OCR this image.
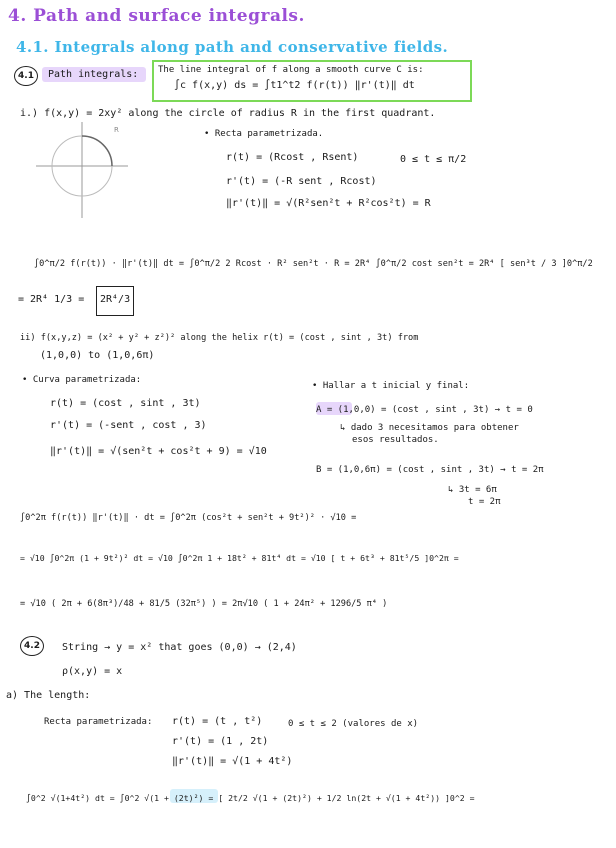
4. Path and surface integrals.
4.1. Integrals along path and conservative fields.
4.1	Path integrals: The line integral of f along a smooth curve C is:
∫c f(x,y) ds = ∫t1^t2 f(r(t)) ‖r'(t)‖ dt
i.) f(x,y) = 2xy² along the circle of radius R in the first quadrant.
R	• Recta parametrizada.
r(t) = (Rcost , Rsent)	0 ≤ t ≤ π/2
r'(t) = (-R sent , Rcost)
‖r'(t)‖ = √(R²sen²t + R²cos²t) = R
∫0^π/2 f(r(t)) · ‖r'(t)‖ dt = ∫0^π/2 2 Rcost · R² sen²t · R = 2R⁴ ∫0^π/2 cost sen²t = 2R⁴ [ sen³t / 3 ]0^π/2
= 2R⁴ 1/3 = 2R⁴/3
ii) f(x,y,z) = (x² + y² + z²)² along the helix r(t) = (cost , sint , 3t) from
(1,0,0) to (1,0,6π)
• Curva parametrizada:
r(t) = (cost , sint , 3t)
r'(t) = (-sent , cost , 3)
‖r'(t)‖ = √(sen²t + cos²t + 9) = √10
• Hallar a t inicial y final:
A = (1,0,0) = (cost , sint , 3t) → t = 0
↳ dado 3 necesitamos para obtener
esos resultados.
B = (1,0,6π) = (cost , sint , 3t) → t = 2π
↳ 3t = 6π
t = 2π
∫0^2π f(r(t)) ‖r'(t)‖ · dt = ∫0^2π (cos²t + sen²t + 9t²)² · √10 =
= √10 ∫0^2π (1 + 9t²)² dt = √10 ∫0^2π 1 + 18t² + 81t⁴ dt = √10 [ t + 6t³ + 81t⁵/5 ]0^2π =
= √10 ( 2π + 6(8π³)/48 + 81/5 (32π⁵) ) = 2π√10 ( 1 + 24π² + 1296/5 π⁴ )
4.2	String → y = x² that goes (0,0) → (2,4)
ρ(x,y) = x
a) The length:
Recta parametrizada: r(t) = (t , t²)	0 ≤ t ≤ 2 (valores de x)
r'(t) = (1 , 2t)
‖r'(t)‖ = √(1 + 4t²)
∫0^2 √(1+4t²) dt = ∫0^2 √(1 + (2t)²) = [ 2t/2 √(1 + (2t)²) + 1/2 ln(2t + √(1 + 4t²)) ]0^2 =
